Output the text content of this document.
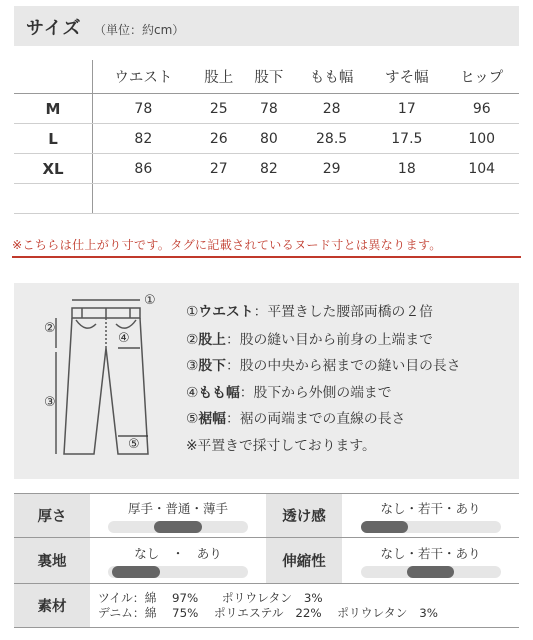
サイズ （単位：約cm）
	ウエスト	股上	股下	もも幅	すそ幅	ヒップ
M	78	25	78	28	17	96
L	82	26	80	28.5	17.5	100
XL	86	27	82	29	18	104

※こちらは仕上がり寸です。タグに記載されているヌード寸とは異なります。
①
②
③
④
⑤
①ウエスト：平置きした腰部両橋の２倍
②股上：股の縫い目から前身の上端まで
③股下：股の中央から裾までの縫い目の長さ
④もも幅：股下から外側の端まで
⑤裾幅：裾の両端までの直線の長さ
※平置きで採寸しております。
厚さ	厚手・普通・薄手	透け感	なし・若干・あり

裏地	なし　・　あり	伸縮性	なし・若干・あり

素材	ツイル：綿　 97%　　ポリウレタン　3%
デニム：綿　 75%　 ポリエステル　22%　 ポリウレタン　3%		
